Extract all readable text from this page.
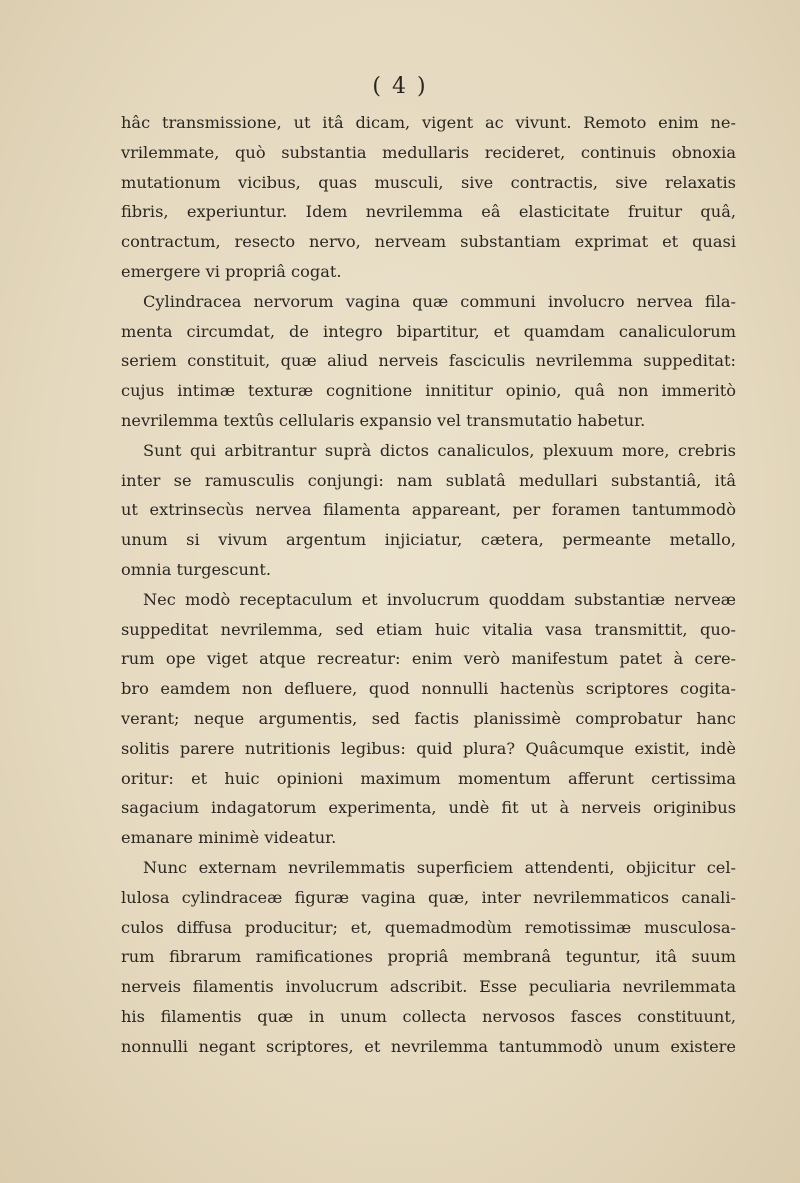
( 4 )
hâc transmissione, ut itâ dicam, vigent ac vivunt. Remoto enim ne-
vrilemmate, quò substantia medullaris recideret, continuis obnoxia
mutationum vicibus, quas musculi, sive contractis, sive relaxatis
fibris, experiuntur. Idem nevrilemma eâ elasticitate fruitur quâ,
contractum, resecto nervo, nerveam substantiam exprimat et quasi
emergere vi propriâ cogat.
Cylindracea nervorum vagina quæ communi involucro nervea fila-
menta circumdat, de integro bipartitur, et quamdam canaliculorum
seriem constituit, quæ aliud nerveis fasciculis nevrilemma suppeditat:
cujus intimæ texturæ cognitione innititur opinio, quâ non immeritò
nevrilemma textûs cellularis expansio vel transmutatio habetur.
Sunt qui arbitrantur suprà dictos canaliculos, plexuum more, crebris
inter se ramusculis conjungi: nam sublatâ medullari substantiâ, itâ
ut extrinsecùs nervea filamenta appareant, per foramen tantummodò
unum si vivum argentum injiciatur, cætera, permeante metallo,
omnia turgescunt.
Nec modò receptaculum et involucrum quoddam substantiæ nerveæ
suppeditat nevrilemma, sed etiam huic vitalia vasa transmittit, quo-
rum ope viget atque recreatur: enim verò manifestum patet à cere-
bro eamdem non defluere, quod nonnulli hactenùs scriptores cogita-
verant; neque argumentis, sed factis planissimè comprobatur hanc
solitis parere nutritionis legibus: quid plura? Quâcumque existit, indè
oritur: et huic opinioni maximum momentum afferunt certissima
sagacium indagatorum experimenta, undè fit ut à nerveis originibus
emanare minimè videatur.
Nunc externam nevrilemmatis superficiem attendenti, objicitur cel-
lulosa cylindraceæ figuræ vagina quæ, inter nevrilemmaticos canali-
culos diffusa producitur; et, quemadmodùm remotissimæ musculosa-
rum fibrarum ramificationes propriâ membranâ teguntur, itâ suum
nerveis filamentis involucrum adscribit. Esse peculiaria nevrilemmata
his filamentis quæ in unum collecta nervosos fasces constituunt,
nonnulli negant scriptores, et nevrilemma tantummodò unum existere
